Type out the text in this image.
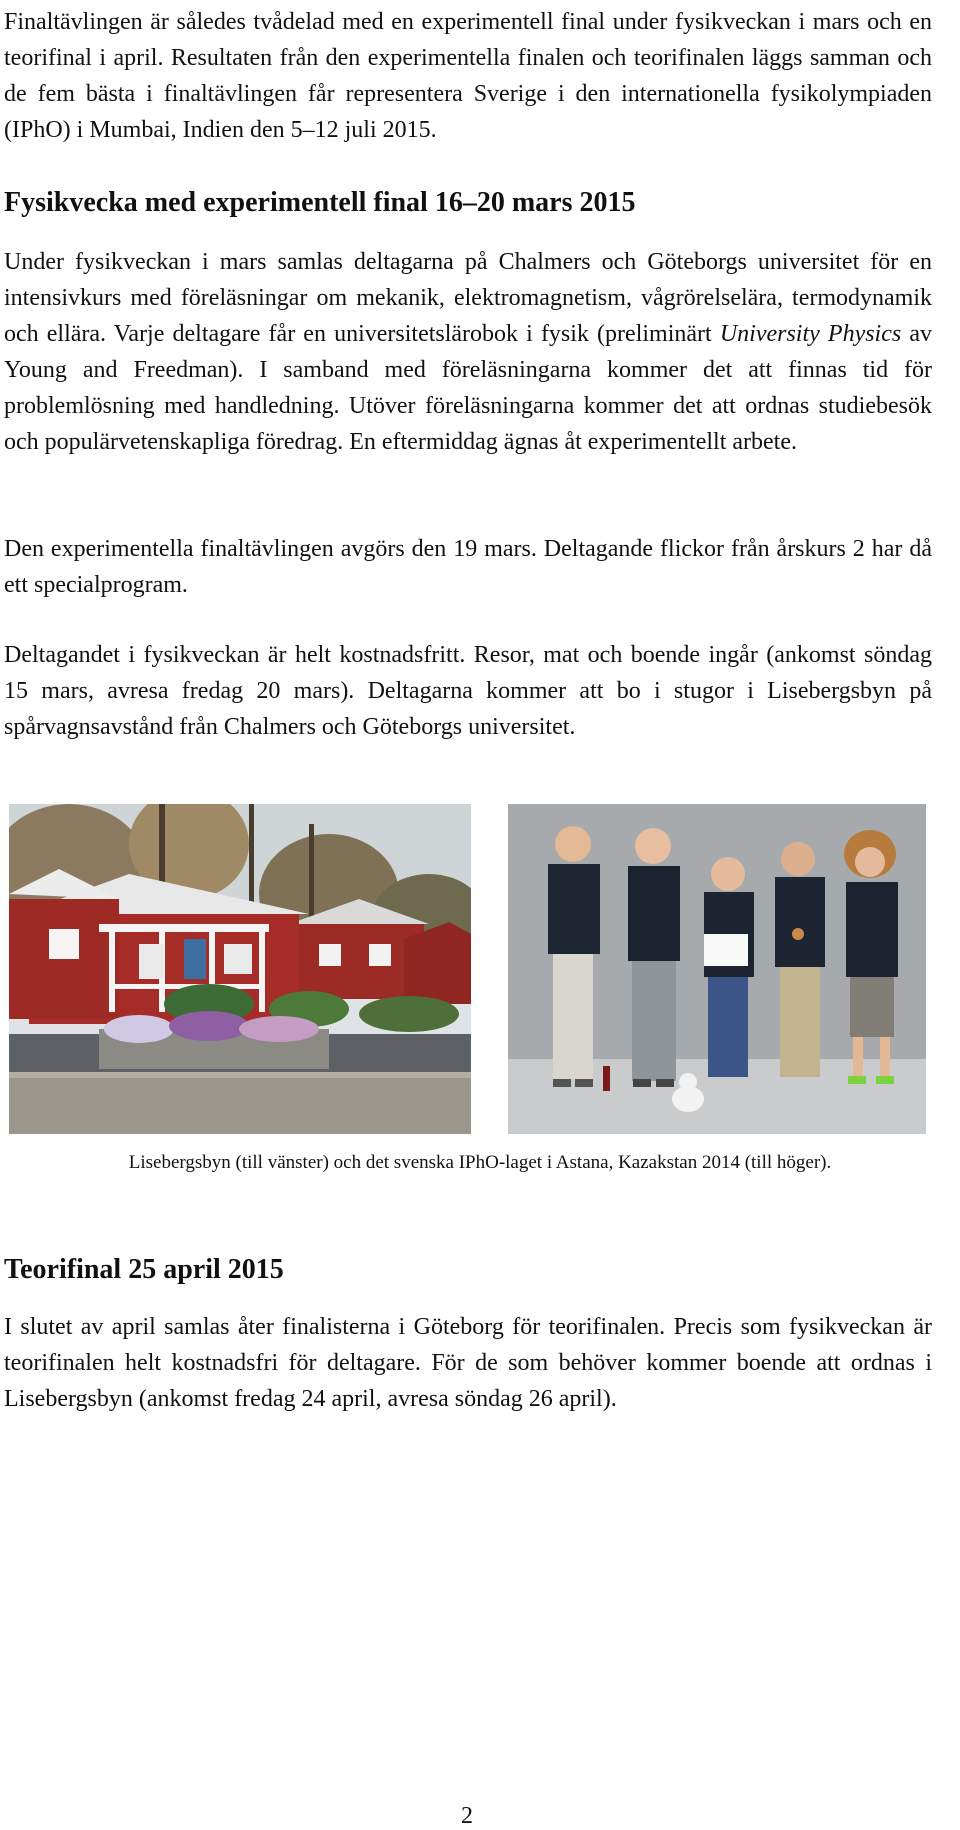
Finaltävlingen är således tvådelad med en experimentell final under fysikveckan i mars och en teorifinal i april. Resultaten från den experimentella finalen och teorifinalen läggs samman och de fem bästa i finaltävlingen får representera Sverige i den internationella fysikolympiaden (IPhO) i Mumbai, Indien den 5–12 juli 2015.

Fysikvecka med experimentell final 16–20 mars 2015

Under fysikveckan i mars samlas deltagarna på Chalmers och Göteborgs universitet för en intensivkurs med föreläsningar om mekanik, elektromagnetism, vågrörelselära, termodynamik och ellära. Varje deltagare får en universitetslärobok i fysik (preliminärt University Physics av Young and Freedman). I samband med föreläsningarna kommer det att finnas tid för problemlösning med handledning. Utöver föreläsningarna kommer det att ordnas studiebesök och populärvetenskapliga föredrag. En eftermiddag ägnas åt experimentellt arbete.

Den experimentella finaltävlingen avgörs den 19 mars. Deltagande flickor från årskurs 2 har då ett specialprogram.

Deltagandet i fysikveckan är helt kostnadsfritt. Resor, mat och boende ingår (ankomst söndag 15 mars, avresa fredag 20 mars). Deltagarna kommer att bo i stugor i Lisebergsbyn på spårvagnsavstånd från Chalmers och Göteborgs universitet.

Lisebergsbyn (till vänster) och det svenska IPhO-laget i Astana, Kazakstan 2014 (till höger).

Teorifinal 25 april 2015

I slutet av april samlas åter finalisterna i Göteborg för teorifinalen. Precis som fysikveckan är teorifinalen helt kostnadsfri för deltagare. För de som behöver kommer boende att ordnas i Lisebergsbyn (ankomst fredag 24 april, avresa söndag 26 april).

2
